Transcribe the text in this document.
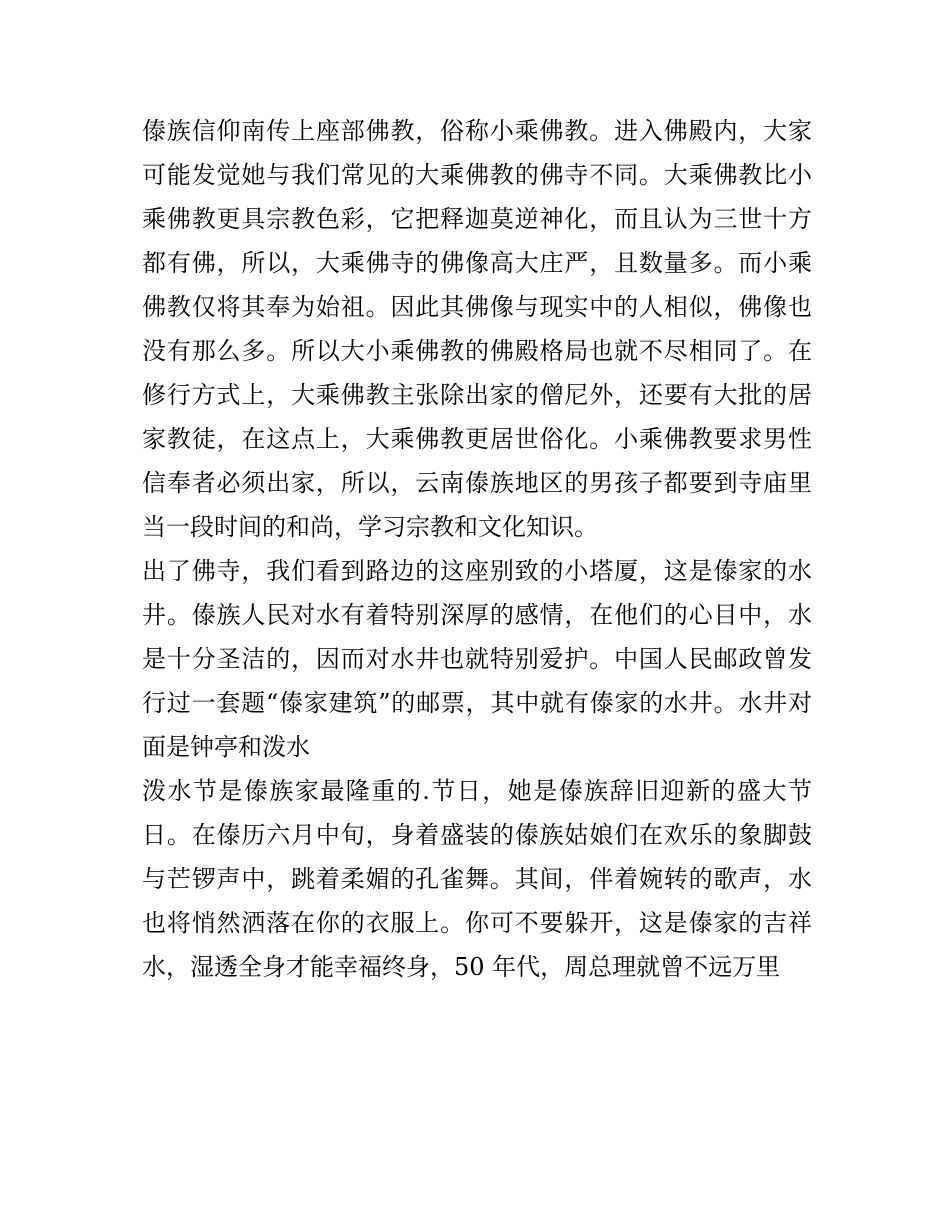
傣族信仰南传上座部佛教，俗称小乘佛教。进入佛殿内，大家
可能发觉她与我们常见的大乘佛教的佛寺不同。大乘佛教比小
乘佛教更具宗教色彩，它把释迦莫逆神化，而且认为三世十方
都有佛，所以，大乘佛寺的佛像高大庄严，且数量多。而小乘
佛教仅将其奉为始祖。因此其佛像与现实中的人相似，佛像也
没有那么多。所以大小乘佛教的佛殿格局也就不尽相同了。在
修行方式上，大乘佛教主张除出家的僧尼外，还要有大批的居
家教徒，在这点上，大乘佛教更居世俗化。小乘佛教要求男性
信奉者必须出家，所以，云南傣族地区的男孩子都要到寺庙里
当一段时间的和尚，学习宗教和文化知识。
出了佛寺，我们看到路边的这座别致的小塔厦，这是傣家的水
井。傣族人民对水有着特别深厚的感情，在他们的心目中，水
是十分圣洁的，因而对水井也就特别爱护。中国人民邮政曾发
行过一套题“傣家建筑”的邮票，其中就有傣家的水井。水井对
面是钟亭和泼水
泼水节是傣族家最隆重的.节日，她是傣族辞旧迎新的盛大节
日。在傣历六月中旬，身着盛装的傣族姑娘们在欢乐的象脚鼓
与芒锣声中，跳着柔媚的孔雀舞。其间，伴着婉转的歌声，水
也将悄然洒落在你的衣服上。你可不要躲开，这是傣家的吉祥
水，湿透全身才能幸福终身，50 年代，周总理就曾不远万里
